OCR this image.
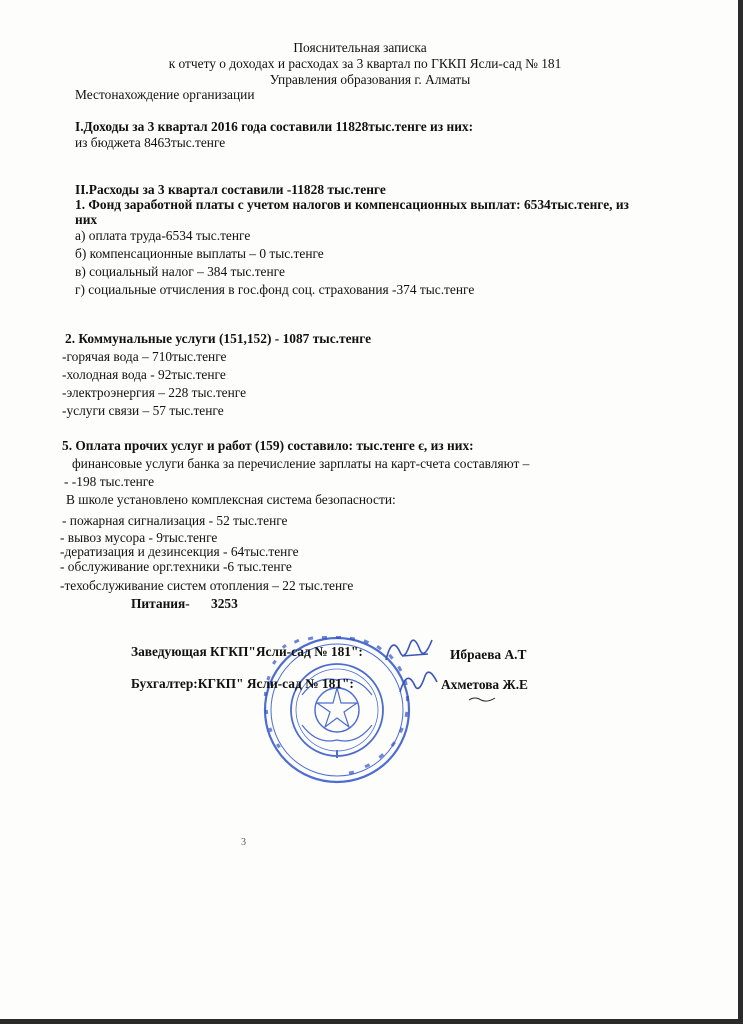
Пояснительная записка
к отчету о доходах и расходах за 3 квартал по ГККП Ясли-сад № 181
Управления образования г. Алматы
Местонахождение организации
I.Доходы за 3 квартал 2016 года составили 11828тыс.тенге из них:
из бюджета 8463тыс.тенге
II.Расходы за 3 квартал составили -11828 тыс.тенге
1. Фонд заработной платы с учетом налогов и компенсационных выплат: 6534тыс.тенге, из
них
а) оплата труда-6534 тыс.тенге
б) компенсационные выплаты – 0 тыс.тенге
в) социальный налог – 384 тыс.тенге
г) социальные отчисления в гос.фонд соц. страхования -374 тыс.тенге
2. Коммунальные услуги (151,152) - 1087 тыс.тенге
-горячая вода – 710тыс.тенге
-холодная вода - 92тыс.тенге
-электроэнергия – 228 тыс.тенге
-услуги связи – 57 тыс.тенге
5. Оплата прочих услуг и работ (159) составило: тыс.тенге є, из них:
финансовые услуги банка за перечисление зарплаты на карт-счета составляют –
- -198 тыс.тенге
В школе установлено комплексная система безопасности:
- пожарная сигнализация - 52 тыс.тенге
- вывоз мусора - 9тыс.тенге
-дератизация и дезинсекция - 64тыс.тенге
- обслуживание орг.техники -6 тыс.тенге
-техобслуживание систем отопления – 22 тыс.тенге
Питания- 3253
Заведующая КГКП"Ясли-сад № 181":	Ибраева А.Т
Бухгалтер:КГКП" Ясли-сад № 181":	Ахметова Ж.Е
3
